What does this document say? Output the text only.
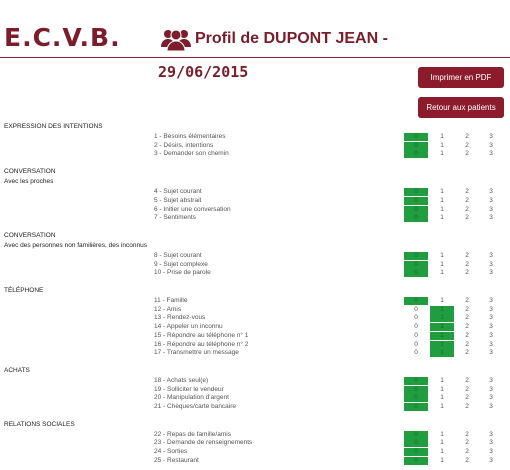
E.C.V.B.	Profil de DUPONT JEAN -
29/06/2015	Imprimer en PDF
Retour aux patients
EXPRESSION DES INTENTIONS
1 - Besoins élémentaires	0	1	2	3
2 - Désirs, intentions	0	1	2	3
3 - Demander son chemin	0	1	2	3
CONVERSATION
Avec les proches
4 - Sujet courant	0	1	2	3
5 - Sujet abstrait	0	1	2	3
6 - Initier une conversation	0	1	2	3
7 - Sentiments	0	1	2	3
CONVERSATION
Avec des personnes non familières, des inconnus
8 - Sujet courant	0	1	2	3
9 - Sujet complexe	0	1	2	3
10 - Prise de parole	0	1	2	3
TÉLÉPHONE
11 - Famille	0	1	2	3
12 - Amis	0	1	2	3
13 - Rendez-vous	0	1	2	3
14 - Appeler un inconnu	0	1	2	3
15 - Répondre au téléphone n° 1	0	1	2	3
16 - Répondre au téléphone n° 2	0	1	2	3
17 - Transmettre un message	0	1	2	3
ACHATS
18 - Achats seul(e)	0	1	2	3
19 - Solliciter le vendeur	0	1	2	3
20 - Manipulation d'argent	0	1	2	3
21 - Chèques/carte bancaire	0	1	2	3
RELATIONS SOCIALES
22 - Repas de famille/amis	0	1	2	3
23 - Demande de renseignements	0	1	2	3
24 - Sorties	0	1	2	3
25 - Restaurant	0	1	2	3
